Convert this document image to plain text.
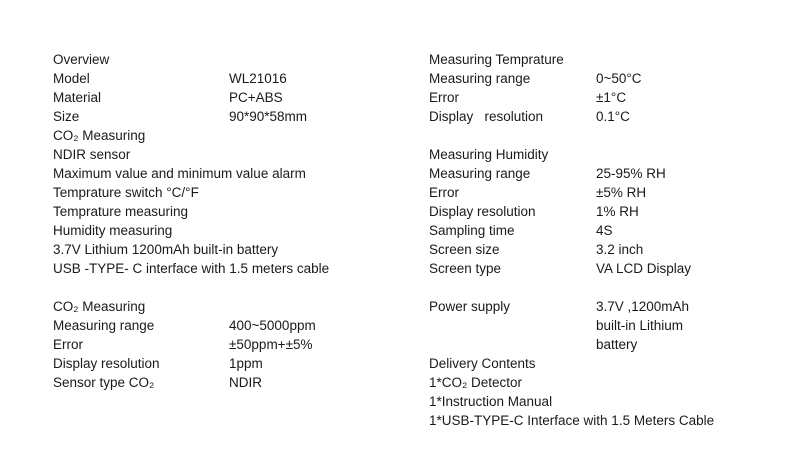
Overview
Model	WL21016
Material	PC+ABS
Size	90*90*58mm
CO₂ Measuring
NDIR sensor
Maximum value and minimum value alarm
Temprature switch °C/°F
Temprature measuring
Humidity measuring
3.7V Lithium 1200mAh built-in battery
USB -TYPE- C interface with 1.5 meters cable
CO₂ Measuring
Measuring range	400~5000ppm
Error	±50ppm+±5%
Display resolution	1ppm
Sensor type CO₂	NDIR
Measuring Temprature
Measuring range	0~50°C
Error	±1°C
Display   resolution	0.1°C
Measuring Humidity
Measuring range	25-95% RH
Error	±5% RH
Display resolution	1% RH
Sampling time	4S
Screen size	3.2 inch
Screen type	VA LCD Display
Power supply	3.7V ,1200mAh
built-in Lithium
battery
Delivery Contents
1*CO₂ Detector
1*Instruction Manual
1*USB-TYPE-C Interface with 1.5 Meters Cable
